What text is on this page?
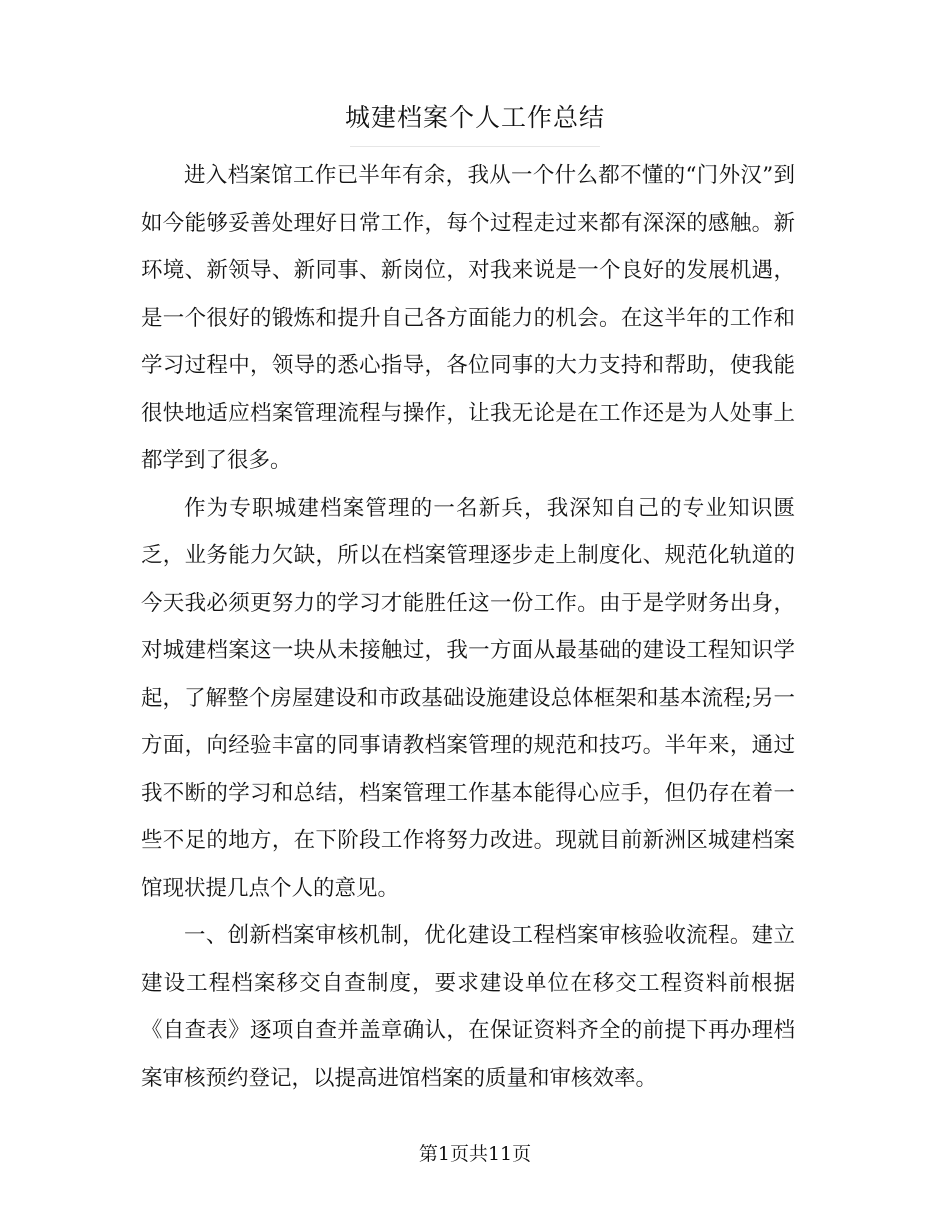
城建档案个人工作总结

进入档案馆工作已半年有余，我从一个什么都不懂的“门外汉”到如今能够妥善处理好日常工作，每个过程走过来都有深深的感触。新环境、新领导、新同事、新岗位，对我来说是一个良好的发展机遇，是一个很好的锻炼和提升自己各方面能力的机会。在这半年的工作和学习过程中，领导的悉心指导，各位同事的大力支持和帮助，使我能很快地适应档案管理流程与操作，让我无论是在工作还是为人处事上都学到了很多。

作为专职城建档案管理的一名新兵，我深知自己的专业知识匮乏，业务能力欠缺，所以在档案管理逐步走上制度化、规范化轨道的今天我必须更努力的学习才能胜任这一份工作。由于是学财务出身，对城建档案这一块从未接触过，我一方面从最基础的建设工程知识学起，了解整个房屋建设和市政基础设施建设总体框架和基本流程;另一方面，向经验丰富的同事请教档案管理的规范和技巧。半年来，通过我不断的学习和总结，档案管理工作基本能得心应手，但仍存在着一些不足的地方，在下阶段工作将努力改进。现就目前新洲区城建档案馆现状提几点个人的意见。

一、创新档案审核机制，优化建设工程档案审核验收流程。建立建设工程档案移交自查制度，要求建设单位在移交工程资料前根据《自查表》逐项自查并盖章确认，在保证资料齐全的前提下再办理档案审核预约登记，以提高进馆档案的质量和审核效率。

第1页共11页
